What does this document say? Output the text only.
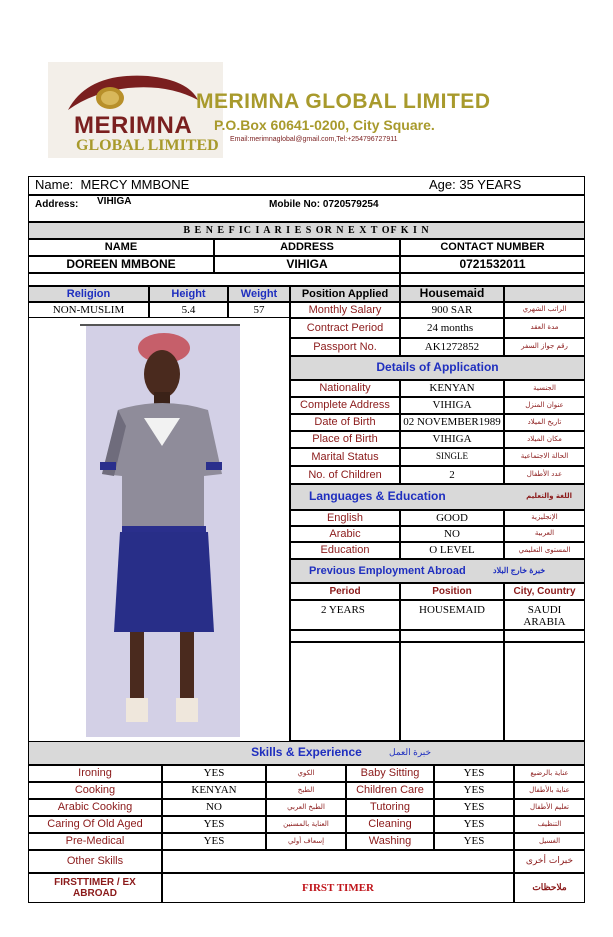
MERIMNA
GLOBAL LIMITED
MERIMNA GLOBAL LIMITED
P.O.Box 60641-0200, City Square.
Email:merimnaglobal@gmail.com,Tel:+254796727911
Name:
MERCY MMBONE	Age: 35 YEARS
Address: VIHIGA	Mobile No: 0720579254
B E N E F IC I A R I E S OR N E X T OF K I N
NAME	ADDRESS	CONTACT NUMBER
DOREEN MMBONE	VIHIGA	0721532011
Religion	Height	Weight	Position Applied	Housemaid
NON-MUSLIM	5.4	57	Monthly Salary	900 SAR	الراتب الشهري
Contract Period	24 months	مدة العقد
Passport No.	AK1272852	رقم جواز السفر
Details of Application
Nationality	KENYAN	الجنسية
Complete Address	VIHIGA	عنوان المنزل
Date of Birth	02 NOVEMBER1989	تاريخ الميلاد
Place of Birth	VIHIGA	مكان الميلاد
Marital Status	SINGLE	الحالة الاجتماعية
No. of Children	2	عدد الأطفال
Languages & Education	اللغة والتعليم
English	GOOD	الإنجليزية
Arabic	NO	العربية
Education	O LEVEL	المستوى التعليمي
Previous Employment Abroad	خبرة خارج البلاد
Period	Position	City, Country
2 YEARS	HOUSEMAID	SAUDI
ARABIA
Skills & Experience	خبرة العمل
Ironing	YES	الكوي	Baby Sitting	YES	عناية بالرضيع
Cooking	KENYAN	الطبخ	Children Care	YES	عناية بالأطفال
Arabic Cooking	NO	الطبخ العربي	Tutoring	YES	تعليم الأطفال
Caring Of Old Aged	YES	العناية بالمسنين	Cleaning	YES	التنظيف
Pre-Medical	YES	إسعاف أولي	Washing	YES	الغسيل
Other Skills	خبرات أخرى
FIRSTTIMER / EX
ABROAD	FIRST TIMER	ملاحظات
